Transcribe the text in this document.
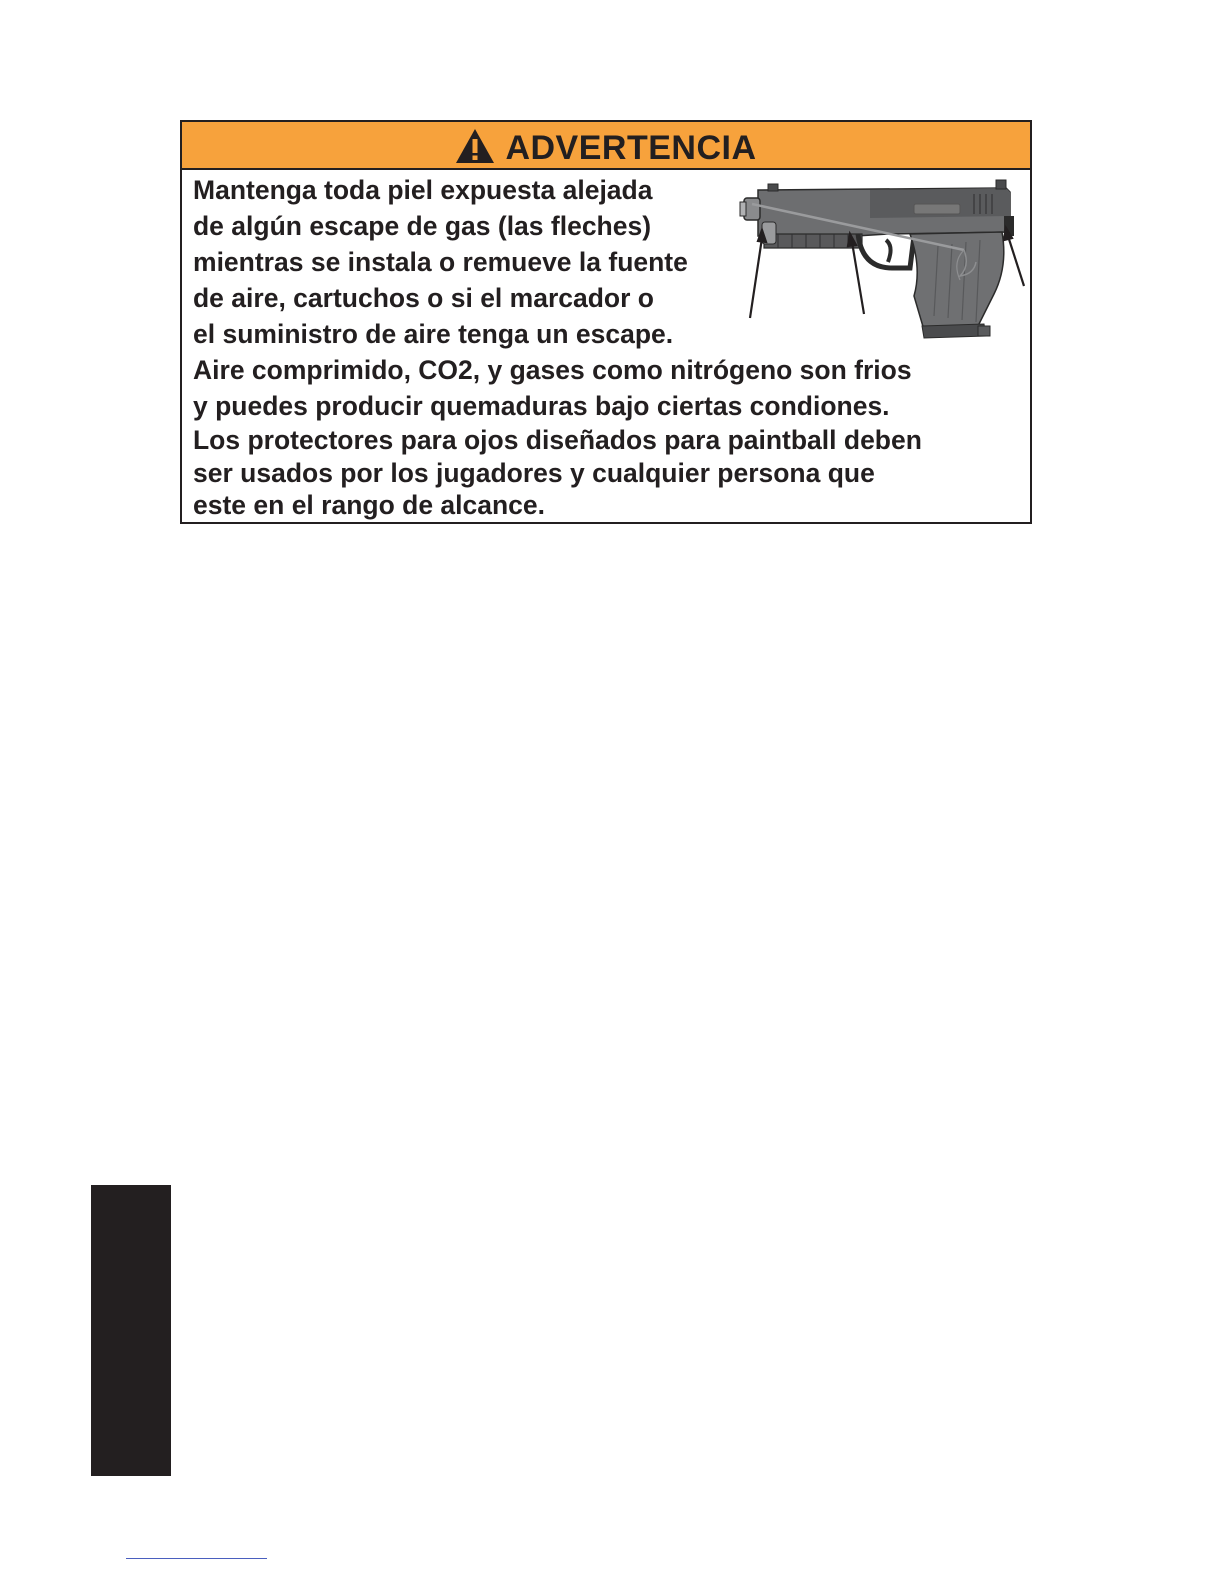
ADVERTENCIA
Mantenga toda piel expuesta alejada
de algún escape de gas (las fleches)
mientras se instala o remueve la fuente
de aire, cartuchos o si el marcador o
el suministro de aire tenga un escape.
Aire comprimido, CO2, y gases como nitrógeno son frios
y puedes producir quemaduras bajo ciertas condiones.
Los protectores para ojos diseñados para paintball deben
ser usados por los jugadores y cualquier persona que
este en el rango de alcance.
